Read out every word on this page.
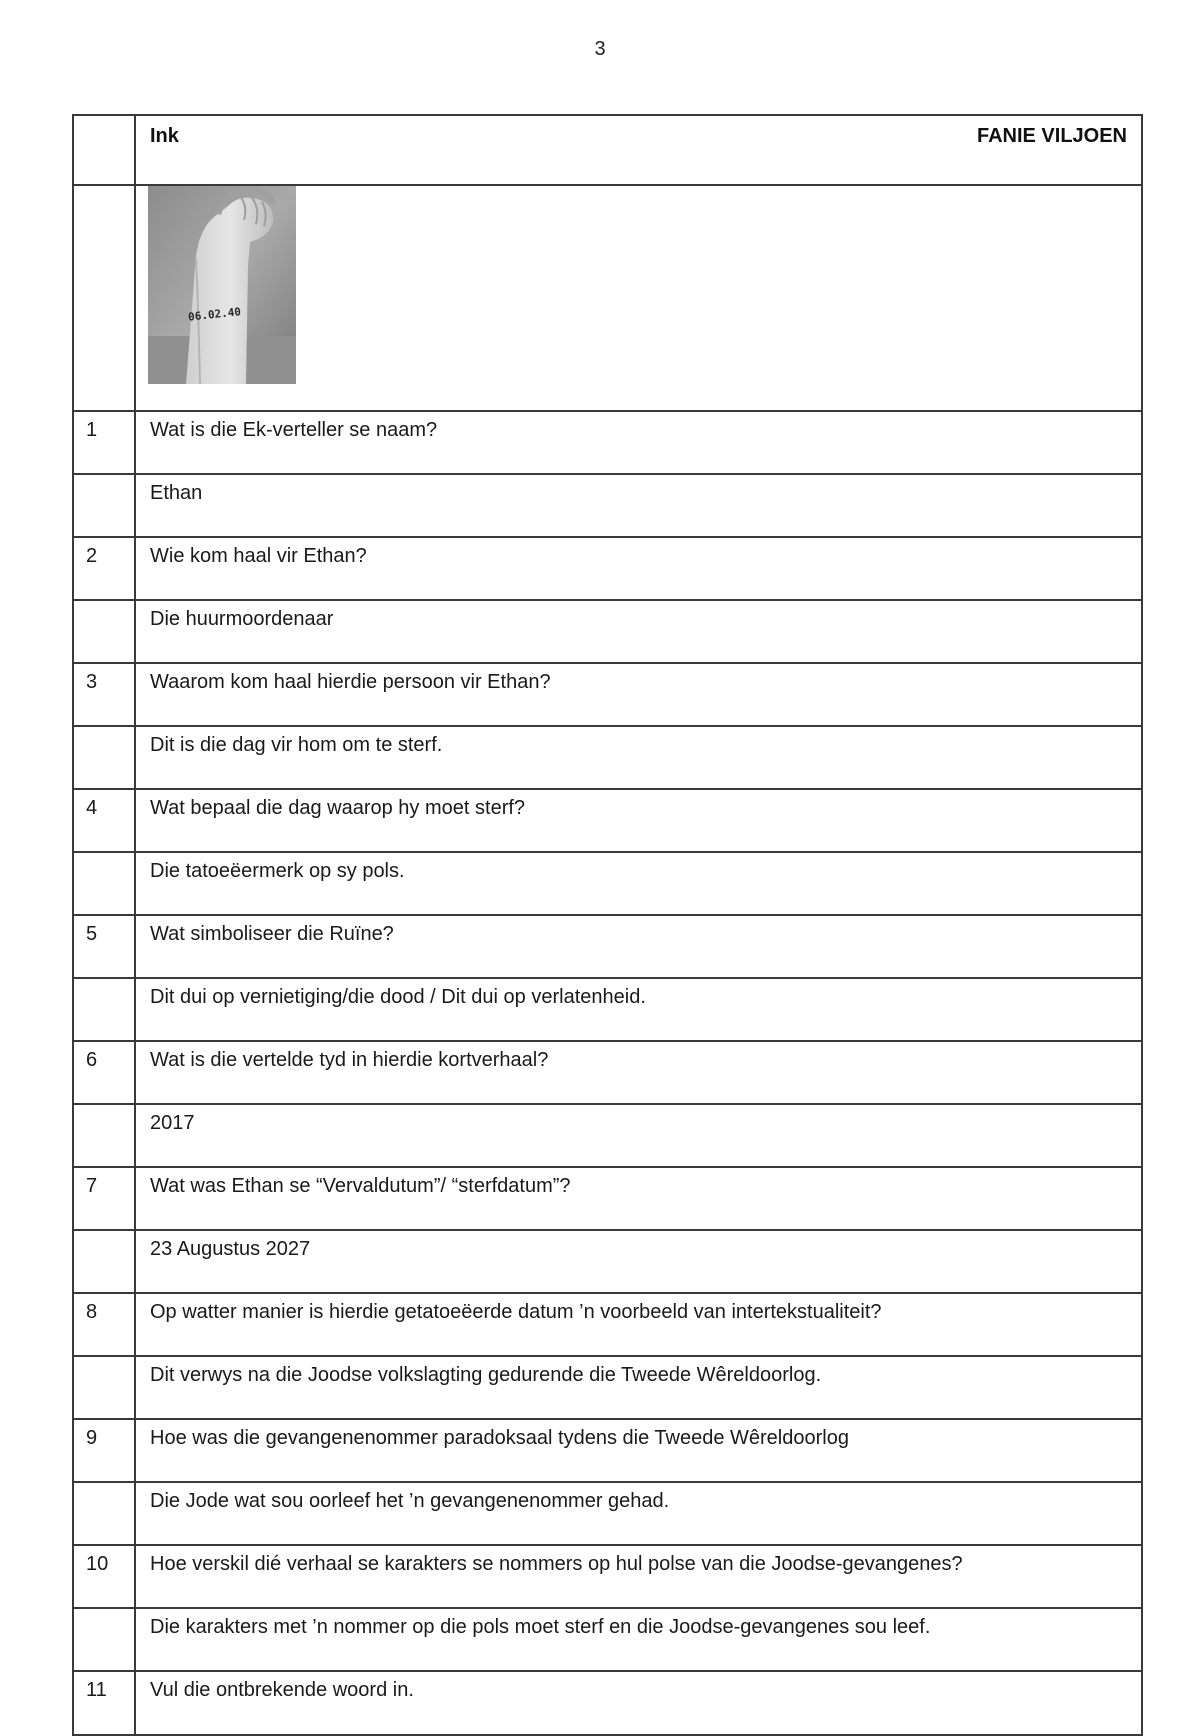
3

	Ink FANIE VILJOEN

06.02.40

1	Wat is die Ek-verteller se naam?
	Ethan
2	Wie kom haal vir Ethan?
	Die huurmoordenaar
3	Waarom kom haal hierdie persoon vir Ethan?
	Dit is die dag vir hom om te sterf.
4	Wat bepaal die dag waarop hy moet sterf?
	Die tatoeëermerk op sy pols.
5	Wat simboliseer die Ruïne?
	Dit dui op vernietiging/die dood / Dit dui op verlatenheid.
6	Wat is die vertelde tyd in hierdie kortverhaal?
	2017
7	Wat was Ethan se “Vervaldutum”/ “sterfdatum”?
	23 Augustus 2027
8	Op watter manier is hierdie getatoeëerde datum ’n voorbeeld van intertekstualiteit?
	Dit verwys na die Joodse volkslagting gedurende die Tweede Wêreldoorlog.
9	Hoe was die gevangenenommer paradoksaal tydens die Tweede Wêreldoorlog
	Die Jode wat sou oorleef het ’n gevangenenommer gehad.
10	Hoe verskil dié verhaal se karakters se nommers op hul polse van die Joodse-gevangenes?
	Die karakters met ’n nommer op die pols moet sterf en die Joodse-gevangenes sou leef.
11	Vul die ontbrekende woord in.
